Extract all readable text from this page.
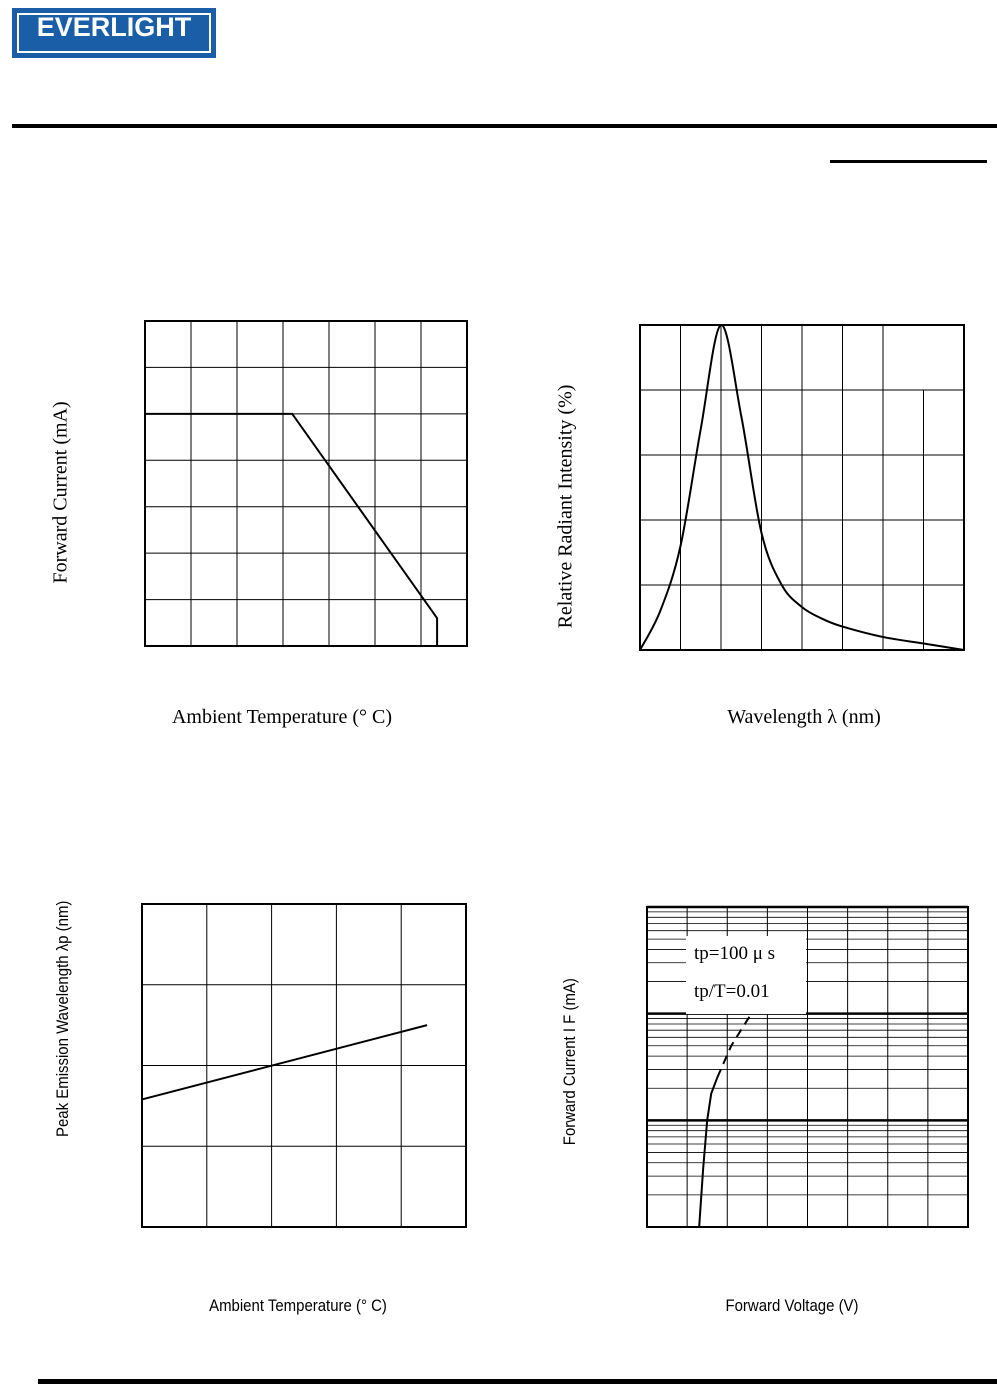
EVERLIGHT
Forward Current (mA)
Ambient Temperature (° C)
Relative Radiant Intensity (%)
Wavelength λ (nm)
Peak Emission Wavelength λp (nm)
Ambient Temperature (° C)
Forward Current I F (mA)
Forward Voltage (V)
tp=100 μ s
tp/T=0.01
